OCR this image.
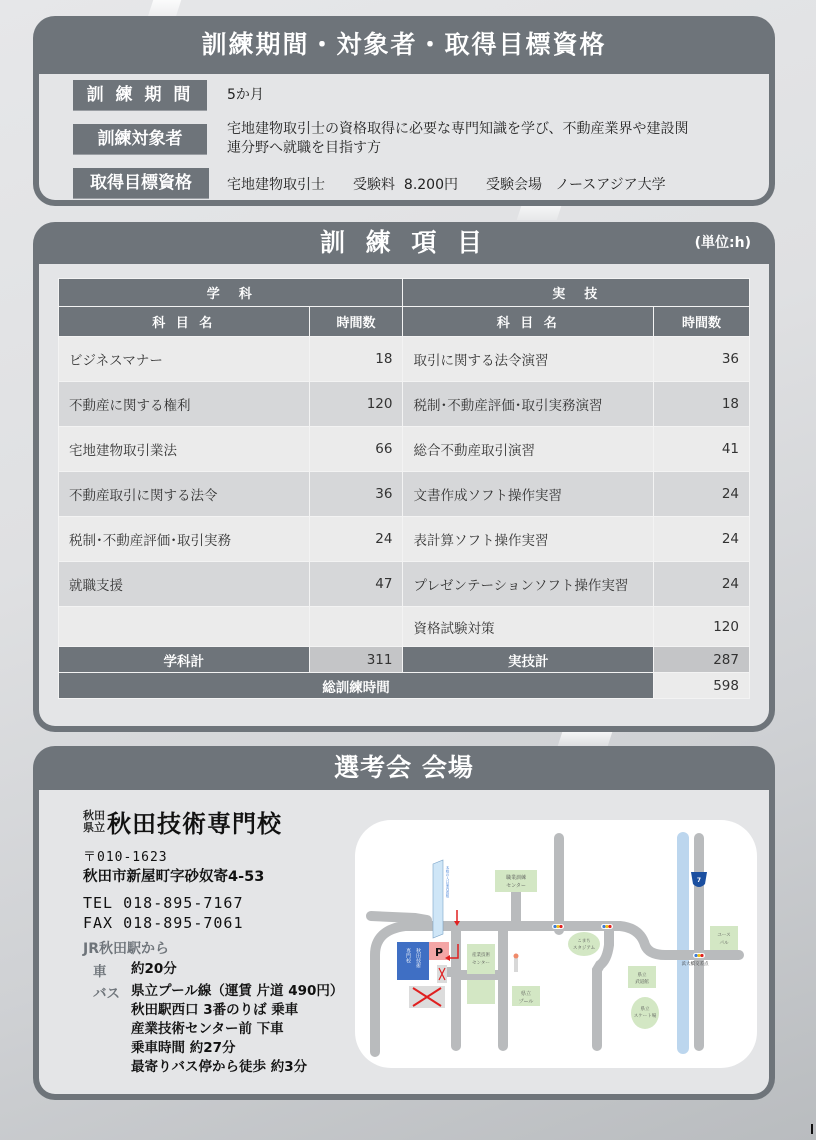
訓練期間・対象者・取得目標資格
訓 練 期 間	5か月
訓練対象者	宅地建物取引士の資格取得に必要な専門知識を学び、不動産業界や建設関
連分野へ就職を目指す方
取得目標資格	宅地建物取引士 受験料 8.200円 受験会場 ノースアジア大学
訓 練 項 目	(単位:h)
学　科		実　技	
科 目 名	時間数	科 目 名	時間数
ビジネスマナー	18	取引に関する法令演習	36
不動産に関する権利	120	税制･不動産評価･取引実務演習	18
宅地建物取引業法	66	総合不動産取引演習	41
不動産取引に関する法令	36	文書作成ソフト操作実習	24
税制･不動産評価･取引実務	24	表計算ソフト操作実習	24
就職支援	47	プレゼンテーションソフト操作実習	24
		資格試験対策	120
学科計	311	実技計	287
総訓練時間			598
選考会 会場
秋田
県立 秋田技術専門校
〒010-1623
秋田市新屋町字砂奴寄4-53
TEL 018-895-7167
FAX 018-895-7061
JR秋田駅から
車	約20分
バス 県立プール線（運賃 片道 490円）
秋田駅西口 3番のりば 乗車
産業技術センター前 下車
乗車時間 約27分
最寄りバス停から徒歩 約3分
職業訓練
センター
産業技術
センター
県立
プール
こまち
スタジアム
県立
武道館
県立
スケート場
ユース
パル
浜大橋交差点
7
本校の入口案内看板
専門校 秋田技術 P
